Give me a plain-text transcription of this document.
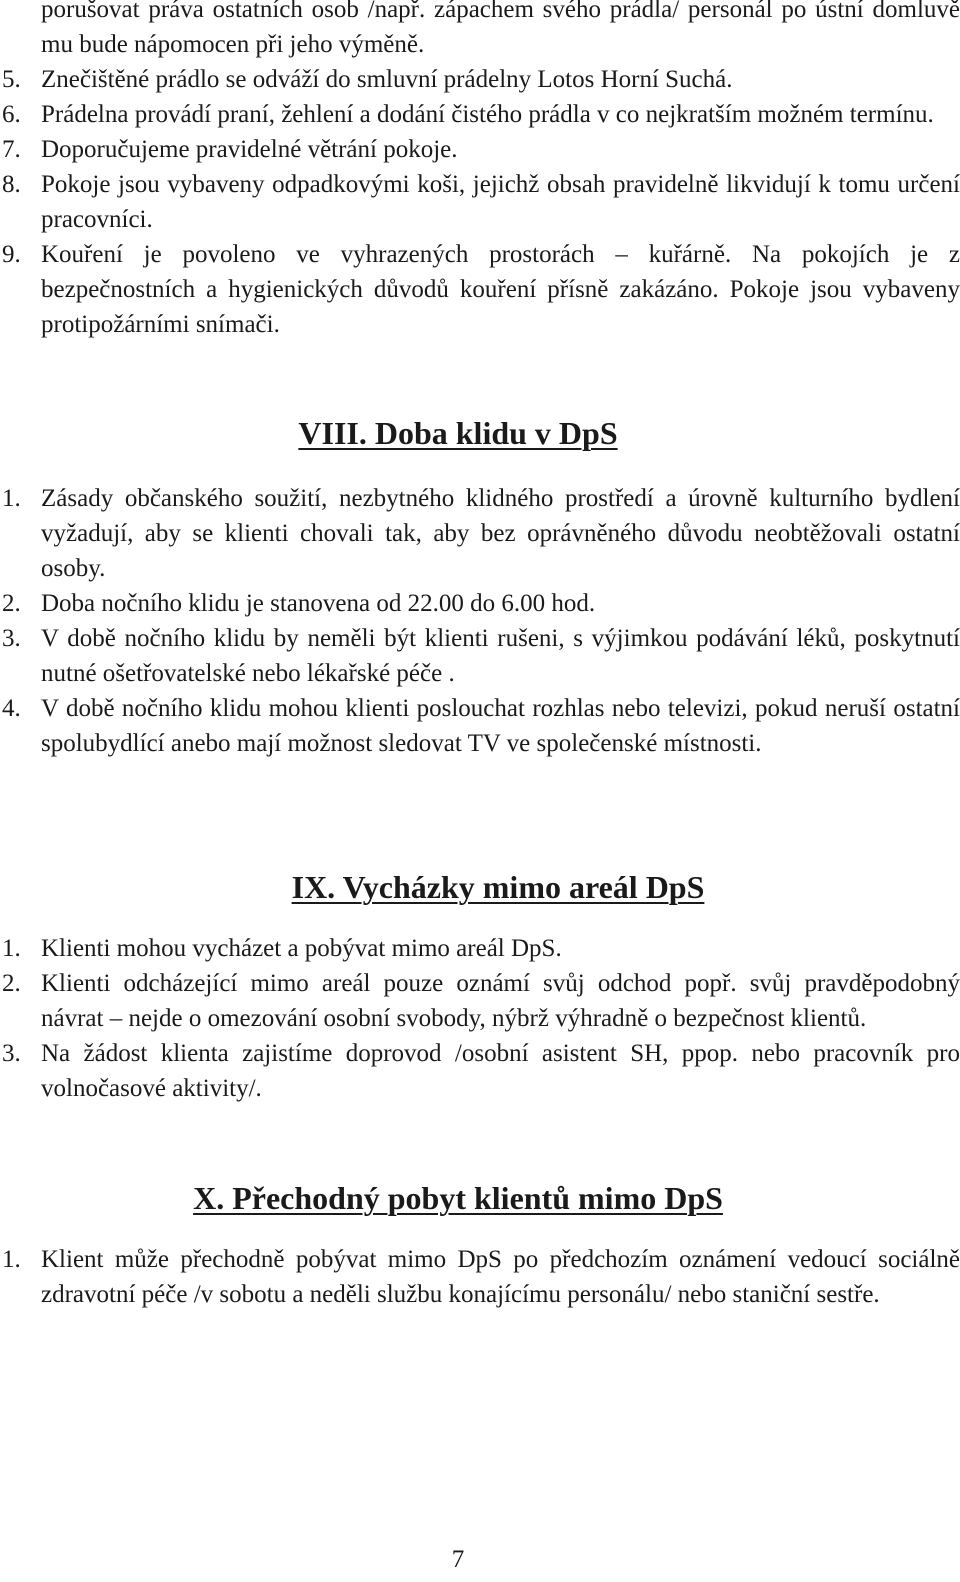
porušovat práva ostatních osob /např. zápachem svého prádla/ personál po ústní domluvě mu bude nápomocen při jeho výměně.

5. Znečištěné prádlo se odváží do smluvní prádelny Lotos Horní Suchá.

6. Prádelna provádí praní, žehlení a dodání čistého prádla v co nejkratším možném termínu.

7. Doporučujeme pravidelné větrání pokoje.

8. Pokoje jsou vybaveny odpadkovými koši, jejichž obsah pravidelně likvidují k tomu určení pracovníci.

9. Kouření je povoleno ve vyhrazených prostorách – kuřárně. Na pokojích je z bezpečnostních a hygienických důvodů kouření přísně zakázáno. Pokoje jsou vybaveny protipožárními snímači.

VIII. Doba klidu v DpS

1. Zásady občanského soužití, nezbytného klidného prostředí a úrovně kulturního bydlení vyžadují, aby se klienti chovali tak, aby bez oprávněného důvodu neobtěžovali ostatní osoby.

2. Doba nočního klidu je stanovena od 22.00 do 6.00 hod.

3. V době nočního klidu by neměli být klienti rušeni, s výjimkou podávání léků, poskytnutí nutné ošetřovatelské nebo lékařské péče .

4. V době nočního klidu mohou klienti poslouchat rozhlas nebo televizi, pokud neruší ostatní spolubydlící anebo mají možnost sledovat TV ve společenské místnosti.

IX. Vycházky mimo areál DpS

1. Klienti mohou vycházet a pobývat mimo areál DpS.

2. Klienti odcházející mimo areál pouze oznámí svůj odchod popř. svůj pravděpodobný návrat – nejde o omezování osobní svobody, nýbrž výhradně o bezpečnost klientů.

3. Na žádost klienta zajistíme doprovod /osobní asistent SH, ppop. nebo pracovník pro volnočasové aktivity/.

X. Přechodný pobyt klientů mimo DpS

1. Klient může přechodně pobývat mimo DpS po předchozím oznámení vedoucí sociálně zdravotní péče /v sobotu a neděli službu konajícímu personálu/ nebo staniční sestře.

7
